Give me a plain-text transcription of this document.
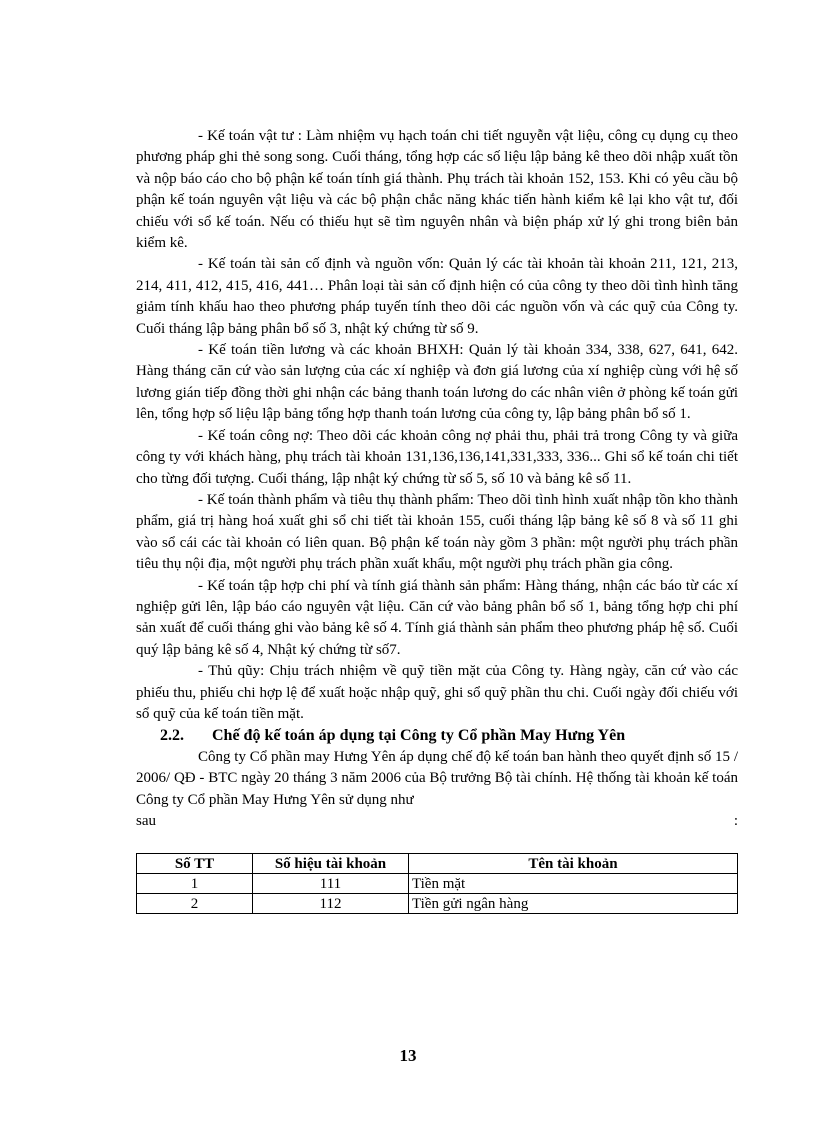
- Kế toán vật tư : Làm nhiệm vụ hạch toán chi tiết nguyễn vật liệu, công cụ dụng cụ theo phương pháp ghi thẻ song song. Cuối tháng, tổng hợp các số liệu lập bảng kê theo dõi nhập xuất tồn và nộp báo cáo cho bộ phận kế toán tính giá thành. Phụ trách tài khoản 152, 153. Khi có yêu cầu bộ phận kế toán nguyên vật liệu và các bộ phận chắc năng khác tiến hành kiểm kê lại kho vật tư, đối chiếu với sổ kế toán. Nếu có thiếu hụt sẽ tìm nguyên nhân và biện pháp xử lý ghi trong biên bản kiểm kê.

- Kế toán tài sản cố định và nguồn vốn: Quản lý các tài khoản tài khoản 211, 121, 213, 214, 411, 412, 415, 416, 441… Phân loại tài sản cố định hiện có của công ty theo dõi tình hình tăng giảm tính khấu hao theo phương pháp tuyến tính theo dõi các nguồn vốn và các quỹ của Công ty. Cuối tháng lập bảng phân bổ số 3, nhật ký chứng từ số 9.

- Kế toán tiền lương và các khoản BHXH: Quản lý tài khoản 334, 338, 627, 641, 642. Hàng tháng căn cứ vào sản lượng của các xí nghiệp và đơn giá lương của xí nghiệp cùng với hệ số lương gián tiếp đồng thời ghi nhận các bảng thanh toán lương do các nhân viên ở phòng kế toán gửi lên, tổng hợp số liệu lập bảng tổng hợp thanh toán lương của công ty, lập bảng phân bổ số 1.

- Kế toán công nợ: Theo dõi các khoản công nợ phải thu, phải trả trong Công ty và giữa công ty với khách hàng, phụ trách tài khoản 131,136,136,141,331,333, 336... Ghi sổ kế toán chi tiết cho từng đối tượng. Cuối tháng, lập nhật ký chứng từ số 5, số 10 và bảng kê số 11.

- Kế toán thành phẩm và tiêu thụ thành phẩm: Theo dõi tình hình xuất nhập tồn kho thành phẩm, giá trị hàng hoá xuất ghi sổ chi tiết tài khoản 155, cuối tháng lập bảng kê số 8 và số 11 ghi vào sổ cái các tài khoản có liên quan. Bộ phận kế toán này gồm 3 phần: một người phụ trách phần tiêu thụ nội địa, một người phụ trách phần xuất khẩu, một người phụ trách phần gia công.

- Kế toán tập hợp chi phí và tính giá thành sản phẩm: Hàng tháng, nhận các báo từ các xí nghiệp gửi lên, lập báo cáo nguyên vật liệu. Căn cứ vào bảng phân bổ số 1, bảng tổng hợp chi phí sản xuất để cuối tháng ghi vào bảng kê số 4. Tính giá thành sản phẩm theo phương pháp hệ số. Cuối quý lập bảng kê số 4, Nhật ký chứng từ số7.

- Thủ qũy: Chịu trách nhiệm về quỹ tiền mặt của Công ty. Hàng ngày, căn cứ vào các phiếu thu, phiếu chi hợp lệ để xuất hoặc nhập quỹ, ghi sổ quỹ phần thu chi. Cuối ngày đối chiếu với sổ quỹ của kế toán tiền mặt.

2.2. Chế độ kế toán áp dụng tại Công ty Cổ phần May Hưng Yên

Công ty Cổ phần may Hưng Yên áp dụng chế độ kế toán ban hành theo quyết định số 15 / 2006/ QĐ - BTC ngày 20 tháng 3 năm 2006 của Bộ trưởng Bộ tài chính. Hệ thống tài khoản kế toán Công ty Cổ phần May Hưng Yên sử dụng như

sau	:
Số TT	Số hiệu tài khoản	Tên tài khoản
1	111	Tiền mặt
2	112	Tiền gửi ngân hàng
13
